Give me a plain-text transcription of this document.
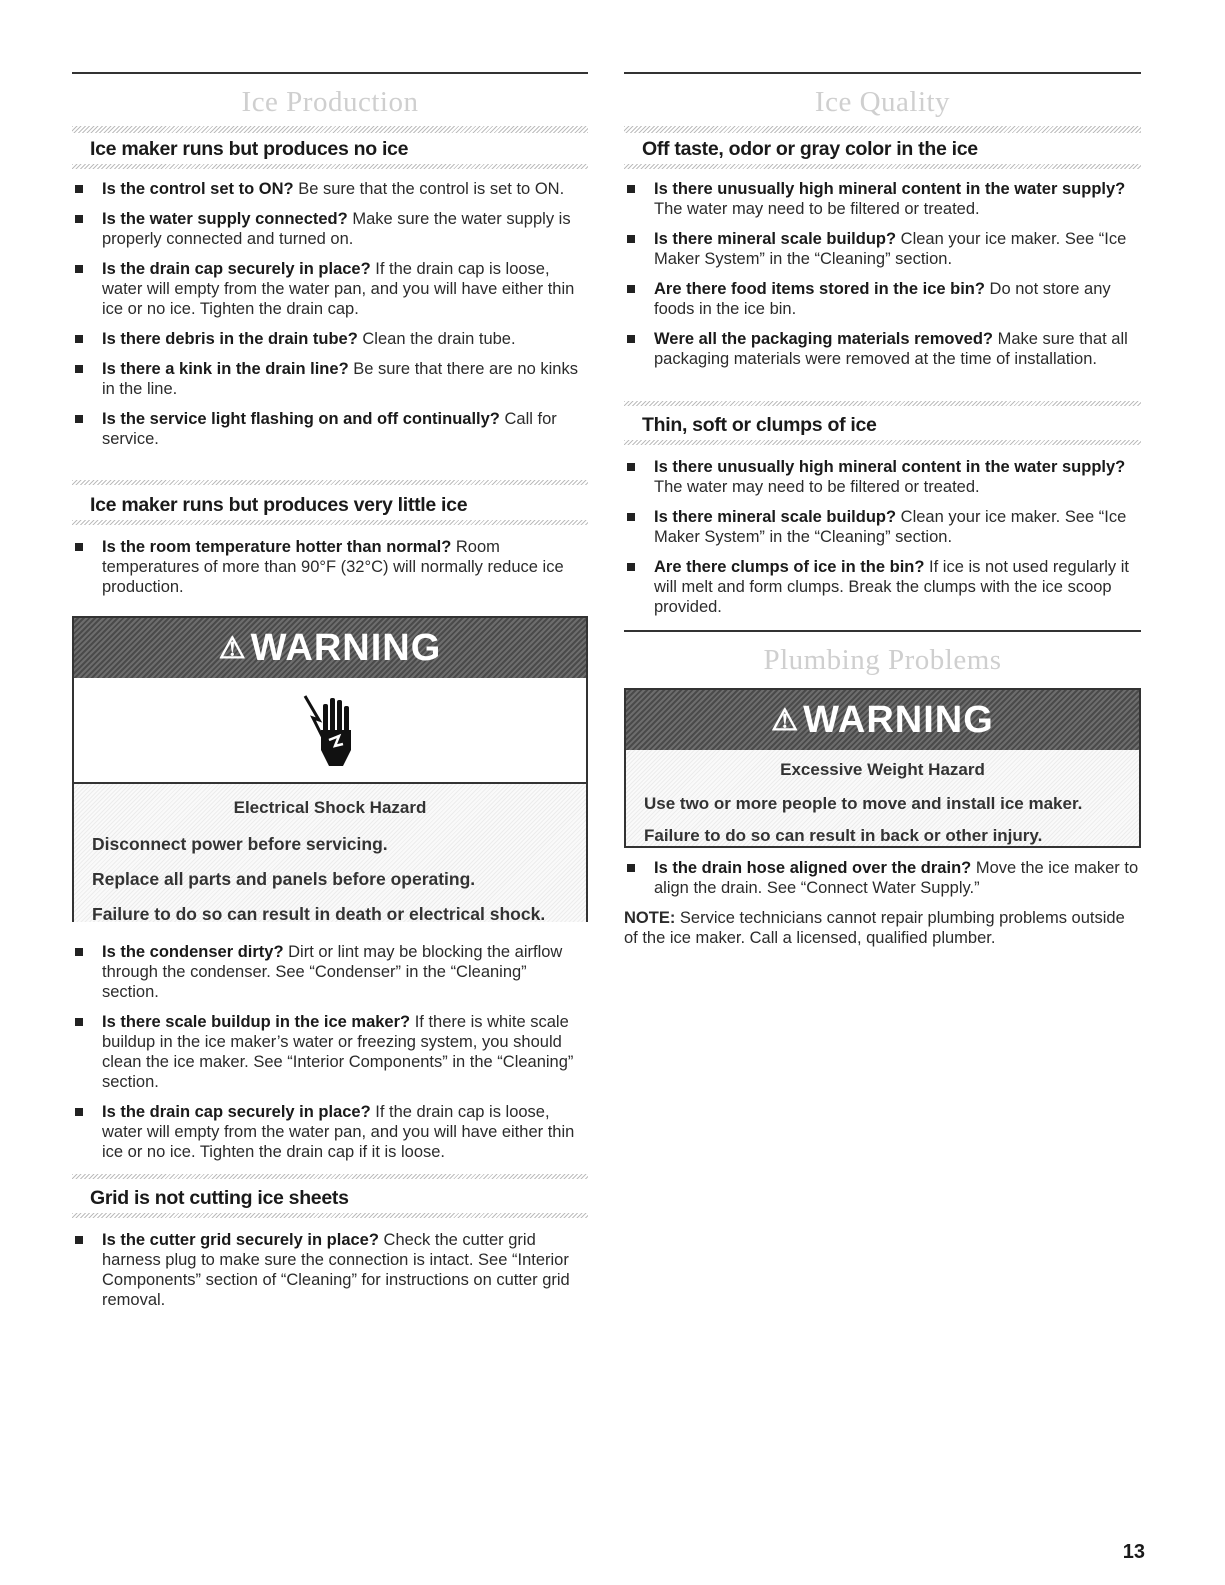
Ice Production
Ice maker runs but produces no ice
Is the control set to ON? Be sure that the control is set to ON.
Is the water supply connected? Make sure the water supply is properly connected and turned on.
Is the drain cap securely in place? If the drain cap is loose, water will empty from the water pan, and you will have either thin ice or no ice. Tighten the drain cap.
Is there debris in the drain tube? Clean the drain tube.
Is there a kink in the drain line? Be sure that there are no kinks in the line.
Is the service light flashing on and off continually? Call for service.
Ice maker runs but produces very little ice
Is the room temperature hotter than normal? Room temperatures of more than 90°F (32°C) will normally reduce ice production.
⚠ WARNING

Electrical Shock Hazard

Disconnect power before servicing.

Replace all parts and panels before operating.

Failure to do so can result in death or electrical shock.

Is the condenser dirty? Dirt or lint may be blocking the airflow through the condenser. See “Condenser” in the “Cleaning” section.
Is there scale buildup in the ice maker? If there is white scale buildup in the ice maker’s water or freezing system, you should clean the ice maker. See “Interior Components” in the “Cleaning” section.
Is the drain cap securely in place? If the drain cap is loose, water will empty from the water pan, and you will have either thin ice or no ice. Tighten the drain cap if it is loose.
Grid is not cutting ice sheets
Is the cutter grid securely in place? Check the cutter grid harness plug to make sure the connection is intact. See “Interior Components” section of “Cleaning” for instructions on cutter grid removal.
Ice Quality
Off taste, odor or gray color in the ice
Is there unusually high mineral content in the water supply? The water may need to be filtered or treated.
Is there mineral scale buildup? Clean your ice maker. See “Ice Maker System” in the “Cleaning” section.
Are there food items stored in the ice bin? Do not store any foods in the ice bin.
Were all the packaging materials removed? Make sure that all packaging materials were removed at the time of installation.
Thin, soft or clumps of ice
Is there unusually high mineral content in the water supply? The water may need to be filtered or treated.
Is there mineral scale buildup? Clean your ice maker. See “Ice Maker System” in the “Cleaning” section.
Are there clumps of ice in the bin? If ice is not used regularly it will melt and form clumps. Break the clumps with the ice scoop provided.
Plumbing Problems
⚠ WARNING

Excessive Weight Hazard

Use two or more people to move and install ice maker.

Failure to do so can result in back or other injury.

Is the drain hose aligned over the drain? Move the ice maker to align the drain. See “Connect Water Supply.”

NOTE: Service technicians cannot repair plumbing problems outside of the ice maker. Call a licensed, qualified plumber.

13
